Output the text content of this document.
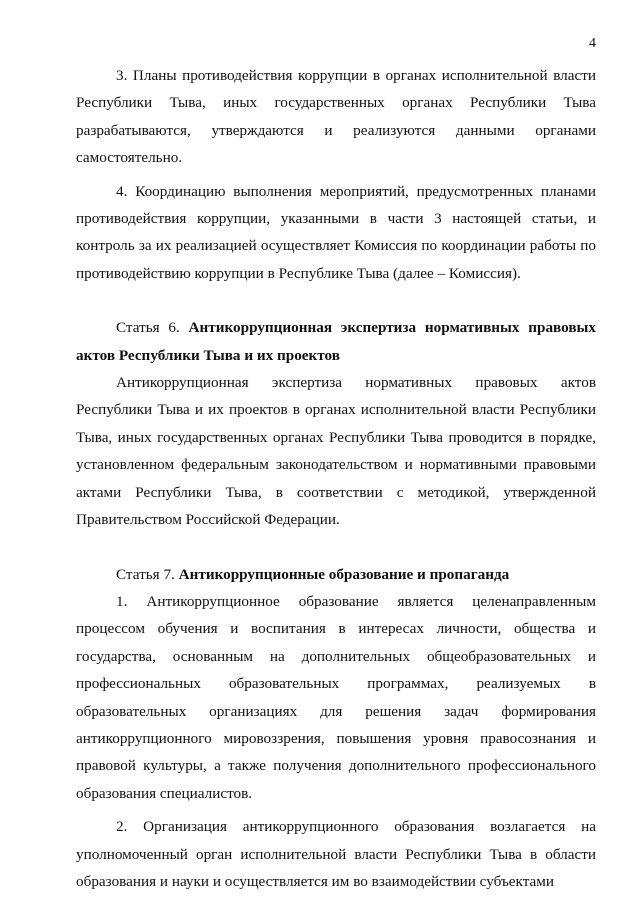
4

3. Планы противодействия коррупции в органах исполнительной власти Республики Тыва, иных государственных органах Республики Тыва разрабатываются, утверждаются и реализуются данными органами самостоятельно.

4. Координацию выполнения мероприятий, предусмотренных планами противодействия коррупции, указанными в части 3 настоящей статьи, и контроль за их реализацией осуществляет Комиссия по координации работы по противодействию коррупции в Республике Тыва (далее – Комиссия).

Статья 6. Антикоррупционная экспертиза нормативных правовых актов Республики Тыва и их проектов

Антикоррупционная экспертиза нормативных правовых актов Республики Тыва и их проектов в органах исполнительной власти Республики Тыва, иных государственных органах Республики Тыва проводится в порядке, установленном федеральным законодательством и нормативными правовыми актами Республики Тыва, в соответствии с методикой, утвержденной Правительством Российской Федерации.

Статья 7. Антикоррупционные образование и пропаганда

1. Антикоррупционное образование является целенаправленным процессом обучения и воспитания в интересах личности, общества и государства, основанным на дополнительных общеобразовательных и профессиональных образовательных программах, реализуемых в образовательных организациях для решения задач формирования антикоррупционного мировоззрения, повышения уровня правосознания и правовой культуры, а также получения дополнительного профессионального образования специалистов.

2. Организация антикоррупционного образования возлагается на уполномоченный орган исполнительной власти Республики Тыва в области образования и науки и осуществляется им во взаимодействии субъектами
